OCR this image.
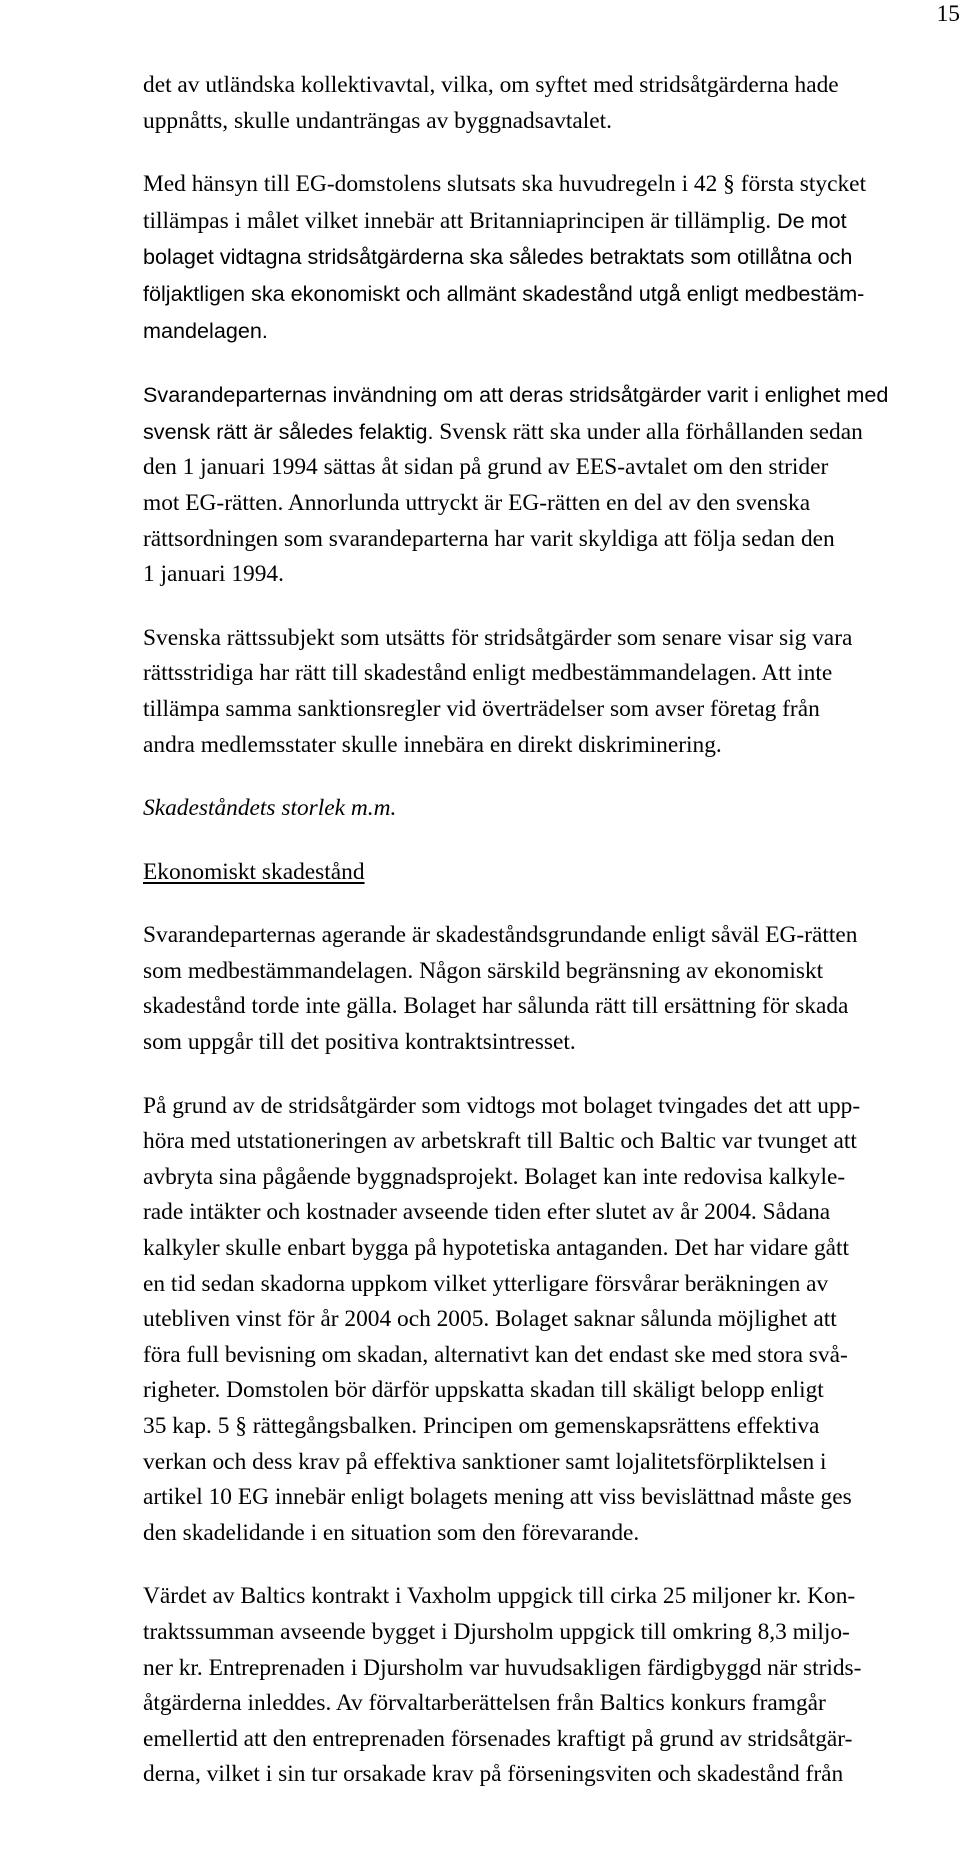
15

det av utländska kollektivavtal, vilka, om syftet med stridsåtgärderna hade
uppnåtts, skulle undanträngas av byggnadsavtalet.

Med hänsyn till EG-domstolens slutsats ska huvudregeln i 42 § första stycket
tillämpas i målet vilket innebär att Britanniaprincipen är tillämplig. De mot
bolaget vidtagna stridsåtgärderna ska således betraktats som otillåtna och
följaktligen ska ekonomiskt och allmänt skadestånd utgå enligt medbestäm-
mandelagen.

Svarandeparternas invändning om att deras stridsåtgärder varit i enlighet med
svensk rätt är således felaktig. Svensk rätt ska under alla förhållanden sedan
den 1 januari 1994 sättas åt sidan på grund av EES-avtalet om den strider
mot EG-rätten. Annorlunda uttryckt är EG-rätten en del av den svenska
rättsordningen som svarandeparterna har varit skyldiga att följa sedan den
1 januari 1994.

Svenska rättssubjekt som utsätts för stridsåtgärder som senare visar sig vara
rättsstridiga har rätt till skadestånd enligt medbestämmandelagen. Att inte
tillämpa samma sanktionsregler vid överträdelser som avser företag från
andra medlemsstater skulle innebära en direkt diskriminering.

Skadeståndets storlek m.m.

Ekonomiskt skadestånd

Svarandeparternas agerande är skadeståndsgrundande enligt såväl EG-rätten
som medbestämmandelagen. Någon särskild begränsning av ekonomiskt
skadestånd torde inte gälla. Bolaget har sålunda rätt till ersättning för skada
som uppgår till det positiva kontraktsintresset.

På grund av de stridsåtgärder som vidtogs mot bolaget tvingades det att upp-
höra med utstationeringen av arbetskraft till Baltic och Baltic var tvunget att
avbryta sina pågående byggnadsprojekt. Bolaget kan inte redovisa kalkyle-
rade intäkter och kostnader avseende tiden efter slutet av år 2004. Sådana
kalkyler skulle enbart bygga på hypotetiska antaganden. Det har vidare gått
en tid sedan skadorna uppkom vilket ytterligare försvårar beräkningen av
utebliven vinst för år 2004 och 2005. Bolaget saknar sålunda möjlighet att
föra full bevisning om skadan, alternativt kan det endast ske med stora svå-
righeter. Domstolen bör därför uppskatta skadan till skäligt belopp enligt
35 kap. 5 § rättegångsbalken. Principen om gemenskapsrättens effektiva
verkan och dess krav på effektiva sanktioner samt lojalitetsförpliktelsen i
artikel 10 EG innebär enligt bolagets mening att viss bevislättnad måste ges
den skadelidande i en situation som den förevarande.

Värdet av Baltics kontrakt i Vaxholm uppgick till cirka 25 miljoner kr. Kon-
traktssumman avseende bygget i Djursholm uppgick till omkring 8,3 miljo-
ner kr. Entreprenaden i Djursholm var huvudsakligen färdigbyggd när strids-
åtgärderna inleddes. Av förvaltarberättelsen från Baltics konkurs framgår
emellertid att den entreprenaden försenades kraftigt på grund av stridsåtgär-
derna, vilket i sin tur orsakade krav på förseningsviten och skadestånd från
